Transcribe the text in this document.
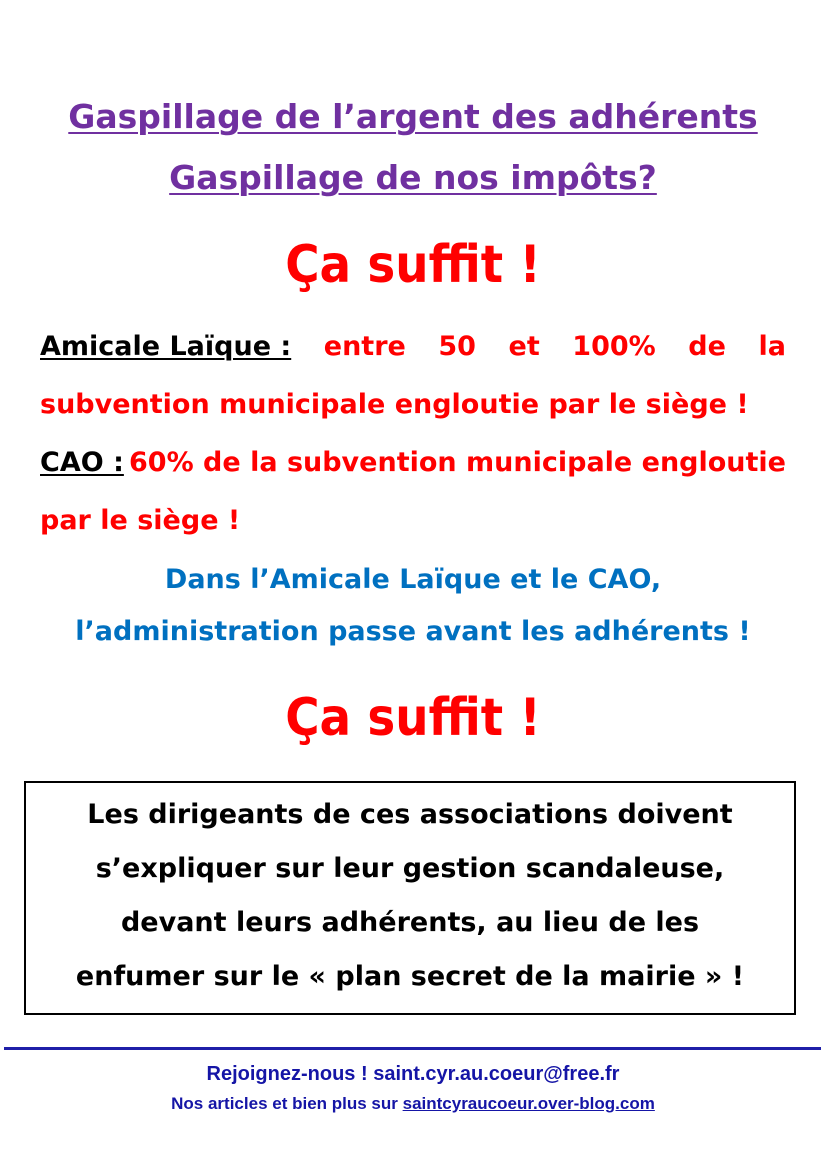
Gaspillage de l’argent des adhérents
Gaspillage de nos impôts?
Ça suffit !
Amicale Laïque : entre 50 et 100% de la
subvention municipale engloutie par le siège !
CAO : 60% de la subvention municipale engloutie
par le siège !
Dans l’Amicale Laïque et le CAO,
l’administration passe avant les adhérents !
Ça suffit !
Les dirigeants de ces associations doivent
s’expliquer sur leur gestion scandaleuse,
devant leurs adhérents, au lieu de les
enfumer sur le « plan secret de la mairie » !
Rejoignez-nous ! saint.cyr.au.coeur@free.fr
Nos articles et bien plus sur saintcyraucoeur.over-blog.com
